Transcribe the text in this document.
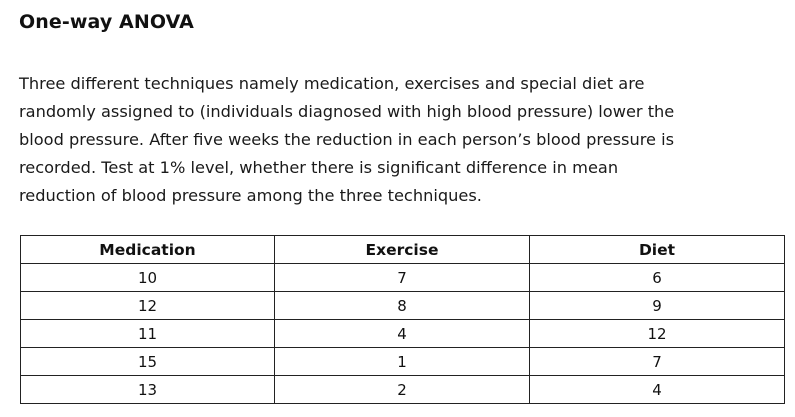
One-way ANOVA
Three different techniques namely medication, exercises and special diet are
randomly assigned to (individuals diagnosed with high blood pressure) lower the
blood pressure. After five weeks the reduction in each person’s blood pressure is
recorded. Test at 1% level, whether there is significant difference in mean
reduction of blood pressure among the three techniques.
Medication	Exercise	Diet
10	7	6
12	8	9
11	4	12
15	1	7
13	2	4
